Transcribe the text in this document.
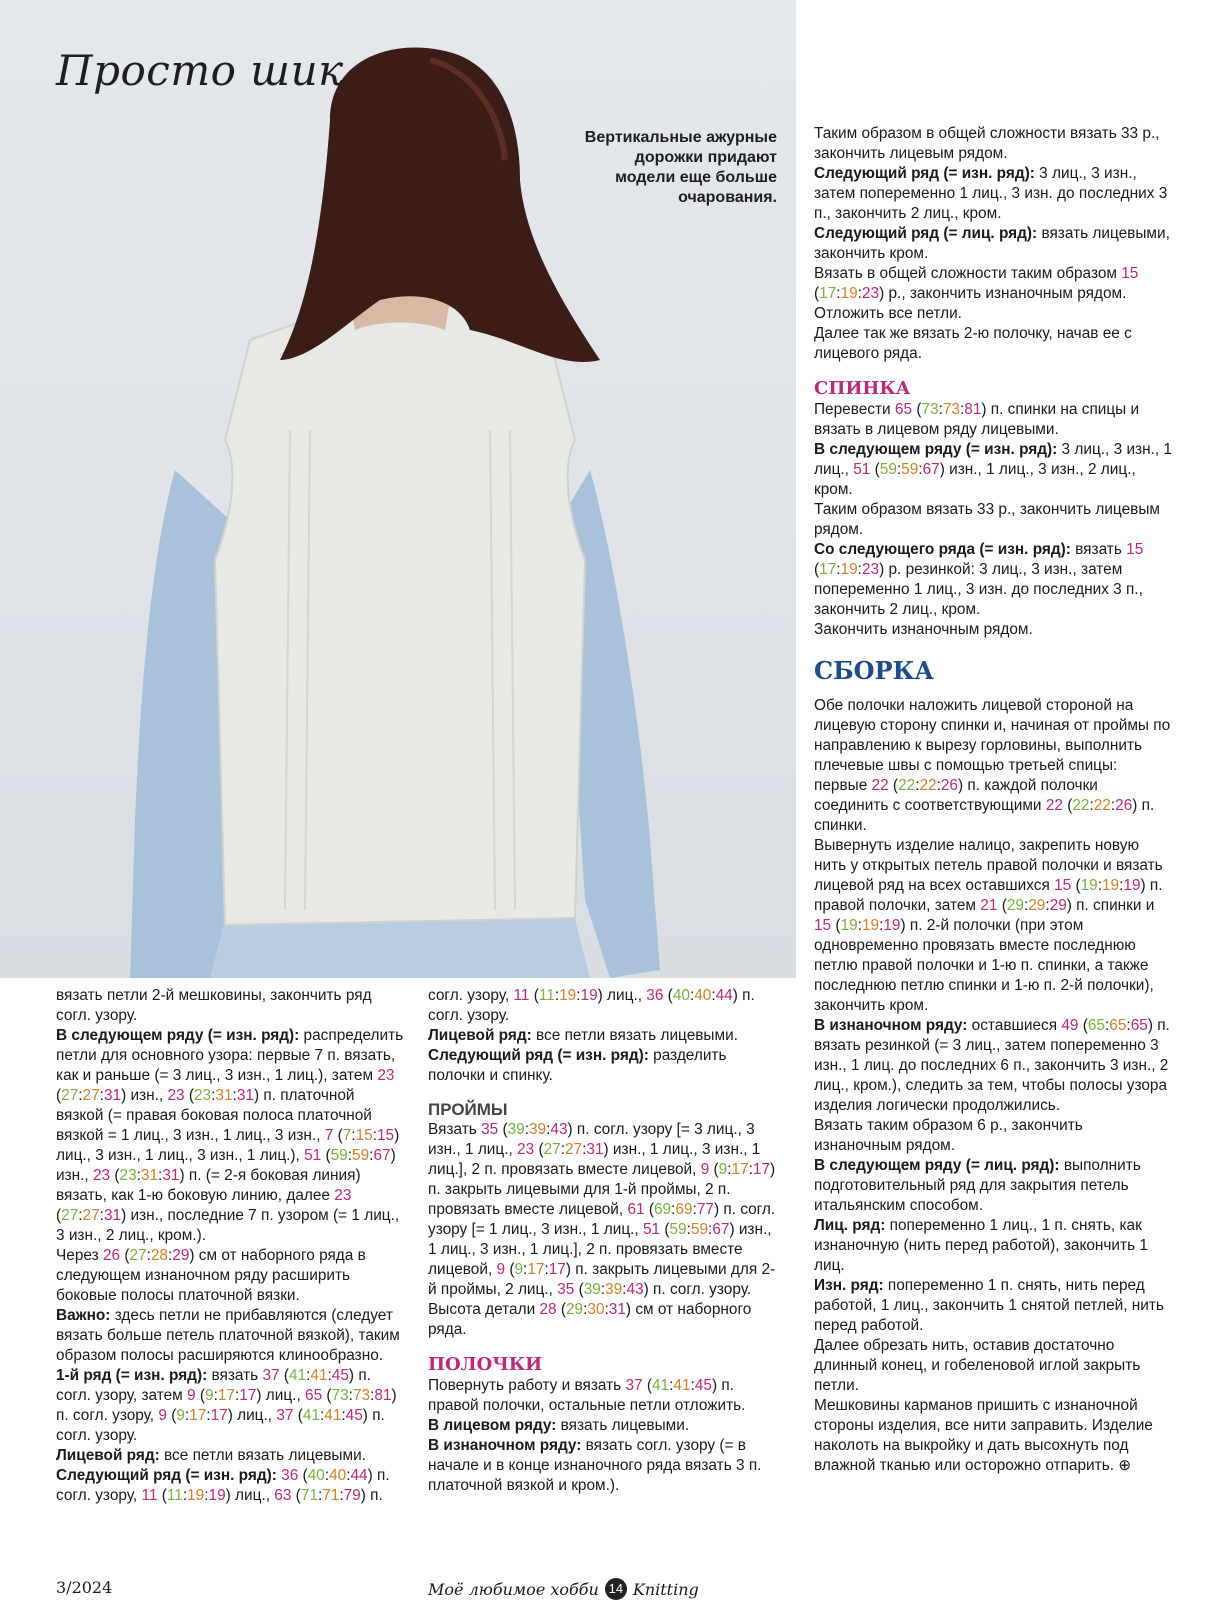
Просто шик
Вертикальные ажурные дорожки придают модели еще больше очарования.

вязать петли 2-й мешковины, закончить ряд согл. узору.

В следующем ряду (= изн. ряд): распределить петли для основного узора: первые 7 п. вязать, как и раньше (= 3 лиц., 3 изн., 1 лиц.), затем 23 (27:27:31) изн., 23 (23:31:31) п. платочной вязкой (= правая боковая полоса платочной вязкой = 1 лиц., 3 изн., 1 лиц., 3 изн., 7 (7:15:15) лиц., 3 изн., 1 лиц., 3 изн., 1 лиц.), 51 (59:59:67) изн., 23 (23:31:31) п. (= 2-я боковая линия) вязать, как 1-ю боковую линию, далее 23 (27:27:31) изн., последние 7 п. узором (= 1 лиц., 3 изн., 2 лиц., кром.).

Через 26 (27:28:29) см от наборного ряда в следующем изнаночном ряду расширить боковые полосы платочной вязки.

Важно: здесь петли не прибавляются (следует вязать больше петель платочной вязкой), таким образом полосы расширяются клинообразно.

1-й ряд (= изн. ряд): вязать 37 (41:41:45) п. согл. узору, затем 9 (9:17:17) лиц., 65 (73:73:81) п. согл. узору, 9 (9:17:17) лиц., 37 (41:41:45) п. согл. узору.

Лицевой ряд: все петли вязать лицевыми.

Следующий ряд (= изн. ряд): 36 (40:40:44) п. согл. узору, 11 (11:19:19) лиц., 63 (71:71:79) п.

согл. узору, 11 (11:19:19) лиц., 36 (40:40:44) п. согл. узору.

Лицевой ряд: все петли вязать лицевыми.

Следующий ряд (= изн. ряд): разделить полочки и спинку.

ПРОЙМЫ

Вязать 35 (39:39:43) п. согл. узору [= 3 лиц., 3 изн., 1 лиц., 23 (27:27:31) изн., 1 лиц., 3 изн., 1 лиц.], 2 п. провязать вместе лицевой, 9 (9:17:17) п. закрыть лицевыми для 1-й проймы, 2 п. провязать вместе лицевой, 61 (69:69:77) п. согл. узору [= 1 лиц., 3 изн., 1 лиц., 51 (59:59:67) изн., 1 лиц., 3 изн., 1 лиц.], 2 п. провязать вместе лицевой, 9 (9:17:17) п. закрыть лицевыми для 2-й проймы, 2 лиц., 35 (39:39:43) п. согл. узору.

Высота детали 28 (29:30:31) см от наборного ряда.

ПОЛОЧКИ

Повернуть работу и вязать 37 (41:41:45) п. правой полочки, остальные петли отложить.

В лицевом ряду: вязать лицевыми.

В изнаночном ряду: вязать согл. узору (= в начале и в конце изнаночного ряда вязать 3 п. платочной вязкой и кром.).

Таким образом в общей сложности вязать 33 р., закончить лицевым рядом.

Следующий ряд (= изн. ряд): 3 лиц., 3 изн., затем попеременно 1 лиц., 3 изн. до последних 3 п., закончить 2 лиц., кром.

Следующий ряд (= лиц. ряд): вязать лицевыми, закончить кром.

Вязать в общей сложности таким образом 15 (17:19:23) р., закончить изнаночным рядом.

Отложить все петли.

Далее так же вязать 2-ю полочку, начав ее с лицевого ряда.

СПИНКА

Перевести 65 (73:73:81) п. спинки на спицы и вязать в лицевом ряду лицевыми.

В следующем ряду (= изн. ряд): 3 лиц., 3 изн., 1 лиц., 51 (59:59:67) изн., 1 лиц., 3 изн., 2 лиц., кром.

Таким образом вязать 33 р., закончить лицевым рядом.

Со следующего ряда (= изн. ряд): вязать 15 (17:19:23) р. резинкой: 3 лиц., 3 изн., затем попеременно 1 лиц., 3 изн. до последних 3 п., закончить 2 лиц., кром.

Закончить изнаночным рядом.

СБОРКА

Обе полочки наложить лицевой стороной на лицевую сторону спинки и, начиная от проймы по направлению к вырезу горловины, выполнить плечевые швы с помощью третьей спицы: первые 22 (22:22:26) п. каждой полочки соединить с соответствующими 22 (22:22:26) п. спинки.

Вывернуть изделие налицо, закрепить новую нить у открытых петель правой полочки и вязать лицевой ряд на всех оставшихся 15 (19:19:19) п. правой полочки, затем 21 (29:29:29) п. спинки и 15 (19:19:19) п. 2-й полочки (при этом одновременно провязать вместе последнюю петлю правой полочки и 1-ю п. спинки, а также последнюю петлю спинки и 1-ю п. 2-й полочки), закончить кром.

В изнаночном ряду: оставшиеся 49 (65:65:65) п. вязать резинкой (= 3 лиц., затем попеременно 3 изн., 1 лиц. до последних 6 п., закончить 3 изн., 2 лиц., кром.), следить за тем, чтобы полосы узора изделия логически продолжились.

Вязать таким образом 6 р., закончить изнаночным рядом.

В следующем ряду (= лиц. ряд): выполнить подготовительный ряд для закрытия петель итальянским способом.

Лиц. ряд: попеременно 1 лиц., 1 п. снять, как изнаночную (нить перед работой), закончить 1 лиц.

Изн. ряд: попеременно 1 п. снять, нить перед работой, 1 лиц., закончить 1 снятой петлей, нить перед работой.

Далее обрезать нить, оставив достаточно длинный конец, и гобеленовой иглой закрыть петли.

Мешковины карманов пришить с изнаночной стороны изделия, все нити заправить. Изделие наколоть на выкройку и дать высохнуть под влажной тканью или осторожно отпарить. ⊕

3/2024	Моё любимое хобби 14 Knitting
